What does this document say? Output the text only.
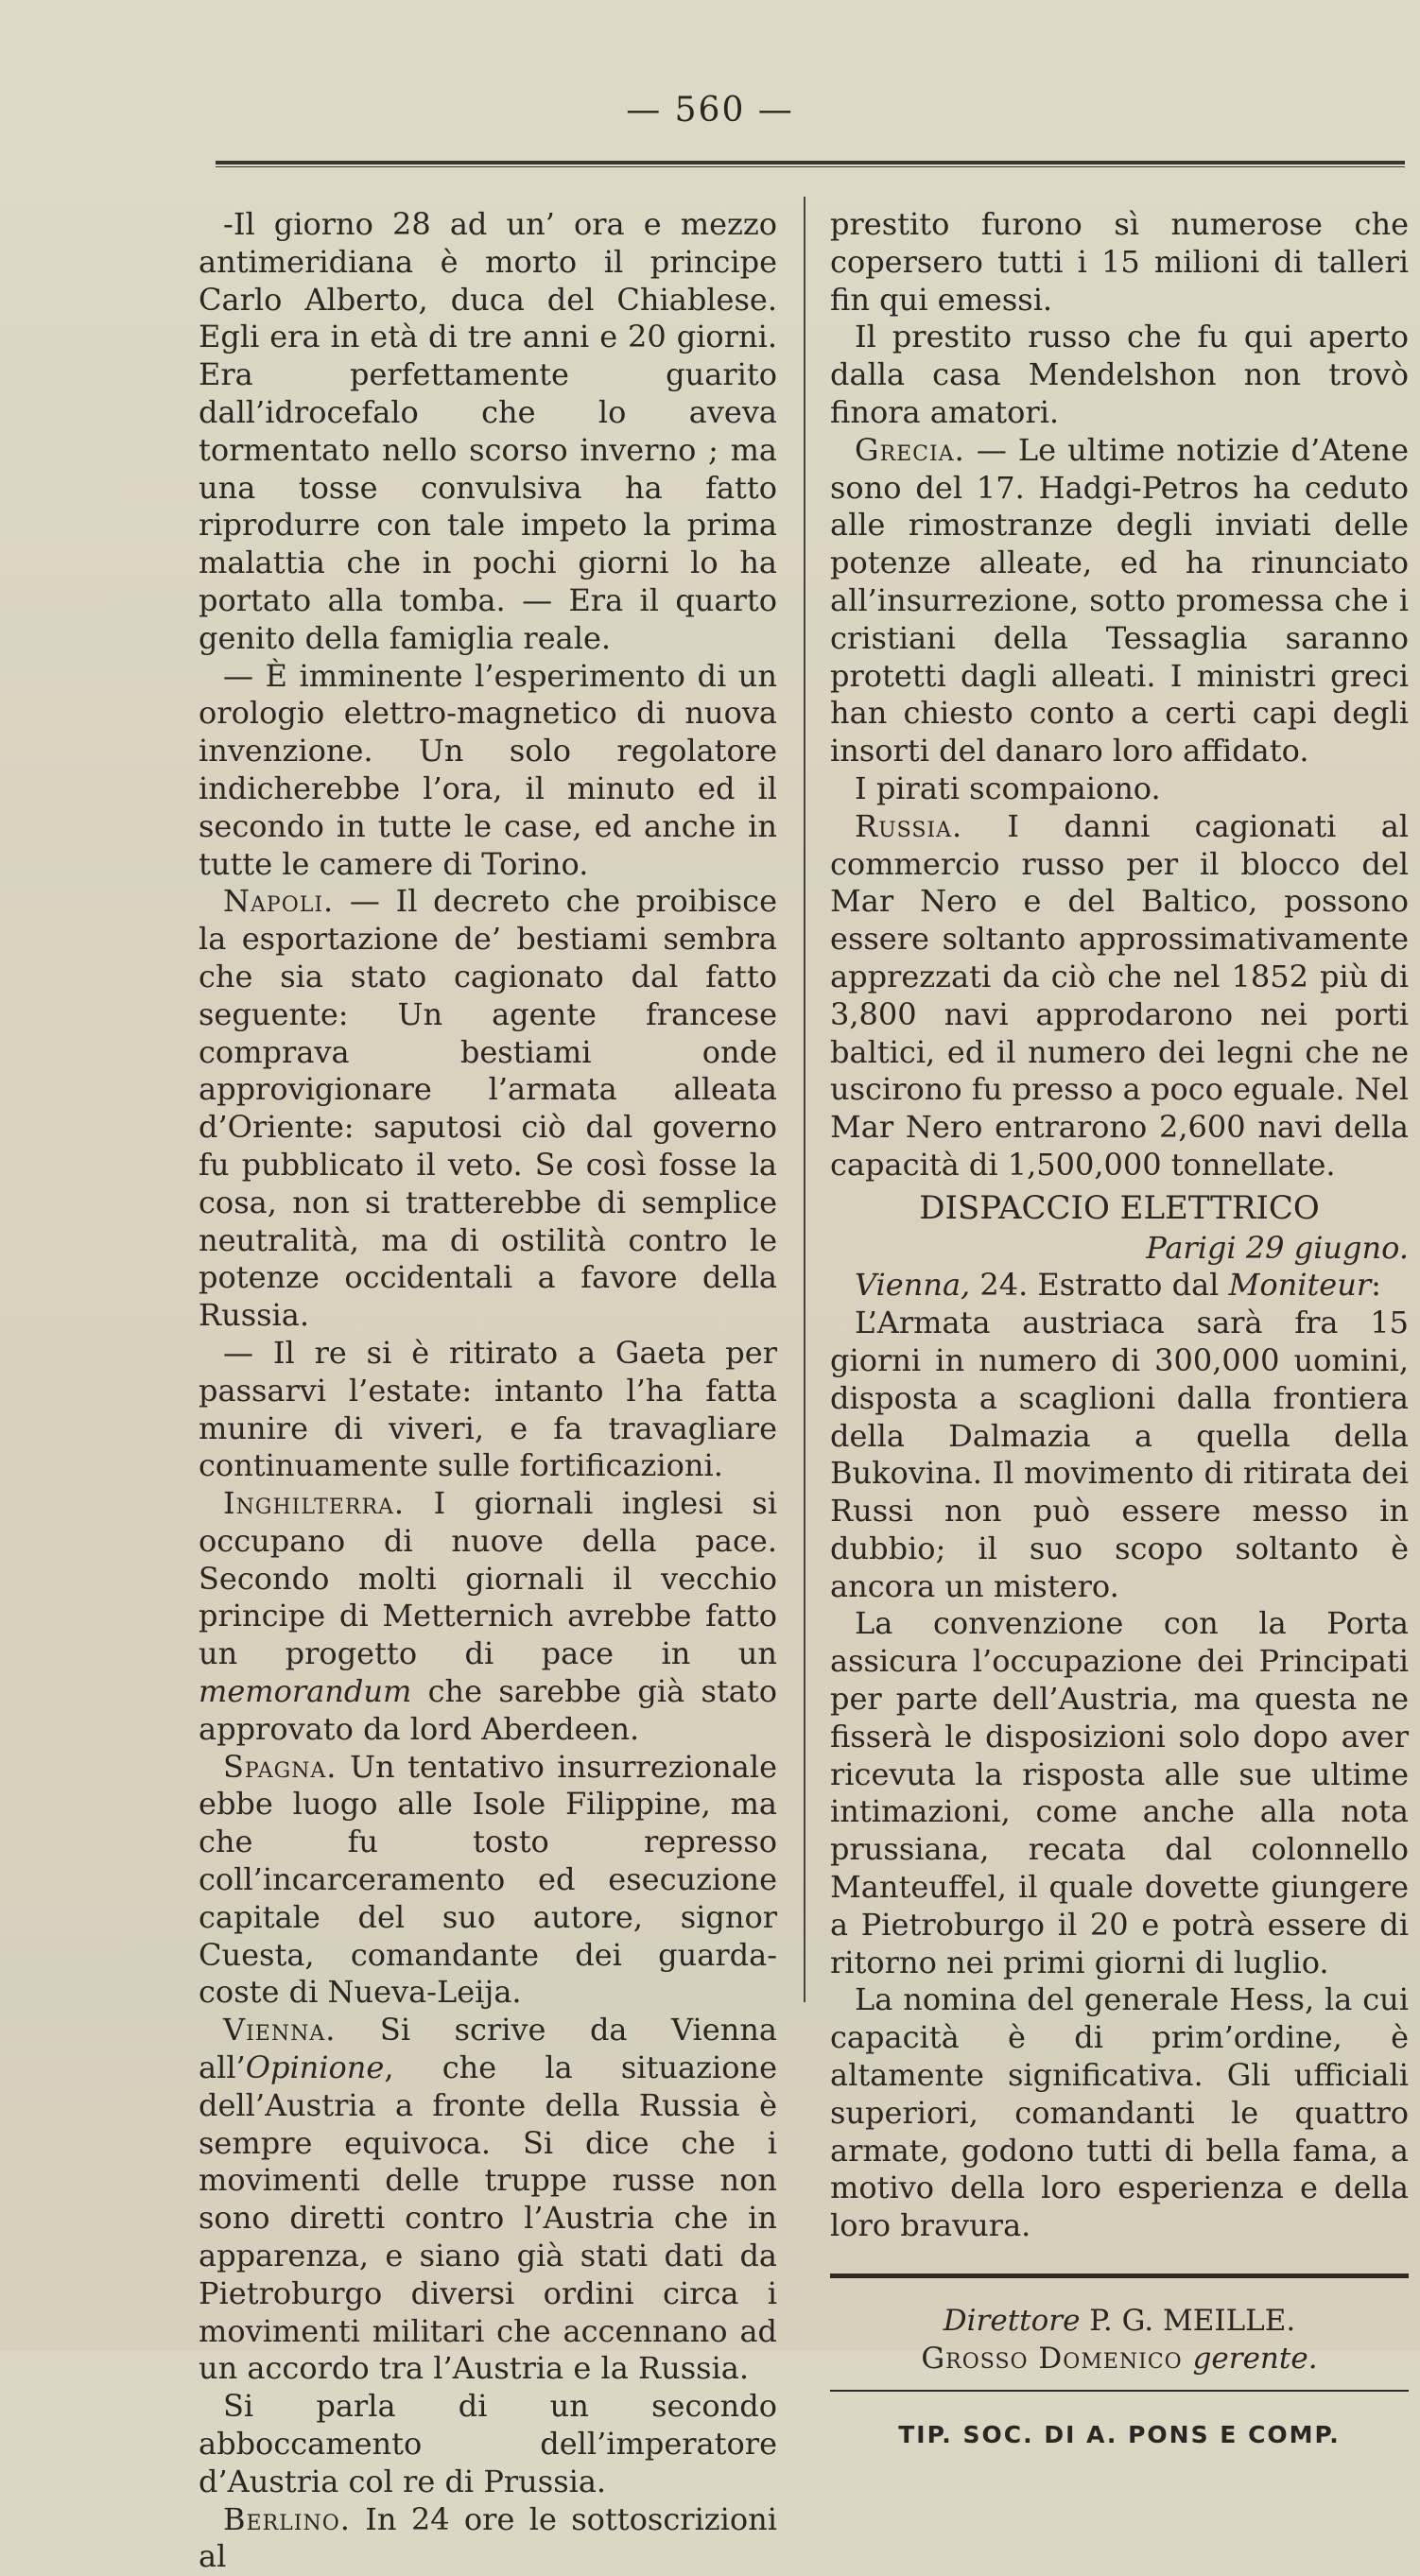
— 560 —

-Il giorno 28 ad un’ ora e mezzo antimeridiana è morto il principe Carlo Alberto, duca del Chiablese. Egli era in età di tre anni e 20 giorni. Era perfettamente guarito dall’idrocefalo che lo aveva tormentato nello scorso inverno ; ma una tosse convulsiva ha fatto riprodurre con tale impeto la prima malattia che in pochi giorni lo ha portato alla tomba. — Era il quarto genito della famiglia reale.

— È imminente l’esperimento di un orologio elettro-magnetico di nuova invenzione. Un solo regolatore indicherebbe l’ora, il minuto ed il secondo in tutte le case, ed anche in tutte le camere di Torino.

Napoli. — Il decreto che proibisce la esportazione de’ bestiami sembra che sia stato cagionato dal fatto seguente: Un agente francese comprava bestiami onde approvigionare l’armata alleata d’Oriente: saputosi ciò dal governo fu pubblicato il veto. Se così fosse la cosa, non si tratterebbe di semplice neutralità, ma di ostilità contro le potenze occidentali a favore della Russia.

— Il re si è ritirato a Gaeta per passarvi l’estate: intanto l’ha fatta munire di viveri, e fa travagliare continuamente sulle fortificazioni.

Inghilterra. I giornali inglesi si occupano di nuove della pace. Secondo molti giornali il vecchio principe di Metternich avrebbe fatto un progetto di pace in un memorandum che sarebbe già stato approvato da lord Aberdeen.

Spagna. Un tentativo insurrezionale ebbe luogo alle Isole Filippine, ma che fu tosto represso coll’incarceramento ed esecuzione capitale del suo autore, signor Cuesta, comandante dei guarda-coste di Nueva-Leija.

Vienna. Si scrive da Vienna all’Opinione, che la situazione dell’Austria a fronte della Russia è sempre equivoca. Si dice che i movimenti delle truppe russe non sono diretti contro l’Austria che in apparenza, e siano già stati dati da Pietroburgo diversi ordini circa i movimenti militari che accennano ad un accordo tra l’Austria e la Russia.

Si parla di un secondo abboccamento dell’imperatore d’Austria col re di Prussia.

Berlino. In 24 ore le sottoscrizioni al

prestito furono sì numerose che copersero tutti i 15 milioni di talleri fin qui emessi.

Il prestito russo che fu qui aperto dalla casa Mendelshon non trovò finora amatori.

Grecia. — Le ultime notizie d’Atene sono del 17. Hadgi-Petros ha ceduto alle rimostranze degli inviati delle potenze alleate, ed ha rinunciato all’insurrezione, sotto promessa che i cristiani della Tessaglia saranno protetti dagli alleati. I ministri greci han chiesto conto a certi capi degli insorti del danaro loro affidato.

I pirati scompaiono.

Russia. I danni cagionati al commercio russo per il blocco del Mar Nero e del Baltico, possono essere soltanto approssimativamente apprezzati da ciò che nel 1852 più di 3,800 navi approdarono nei porti baltici, ed il numero dei legni che ne uscirono fu presso a poco eguale. Nel Mar Nero entrarono 2,600 navi della capacità di 1,500,000 tonnellate.

DISPACCIO ELETTRICO

Parigi 29 giugno.

Vienna, 24. Estratto dal Moniteur:

L’Armata austriaca sarà fra 15 giorni in numero di 300,000 uomini, disposta a scaglioni dalla frontiera della Dalmazia a quella della Bukovina. Il movimento di ritirata dei Russi non può essere messo in dubbio; il suo scopo soltanto è ancora un mistero.

La convenzione con la Porta assicura l’occupazione dei Principati per parte dell’Austria, ma questa ne fisserà le disposizioni solo dopo aver ricevuta la risposta alle sue ultime intimazioni, come anche alla nota prussiana, recata dal colonnello Manteuffel, il quale dovette giungere a Pietroburgo il 20 e potrà essere di ritorno nei primi giorni di luglio.

La nomina del generale Hess, la cui capacità è di prim’ordine, è altamente significativa. Gli ufficiali superiori, comandanti le quattro armate, godono tutti di bella fama, a motivo della loro esperienza e della loro bravura.

Direttore P. G. MEILLE.

Grosso Domenico gerente.

TIP. SOC. DI A. PONS E COMP.
